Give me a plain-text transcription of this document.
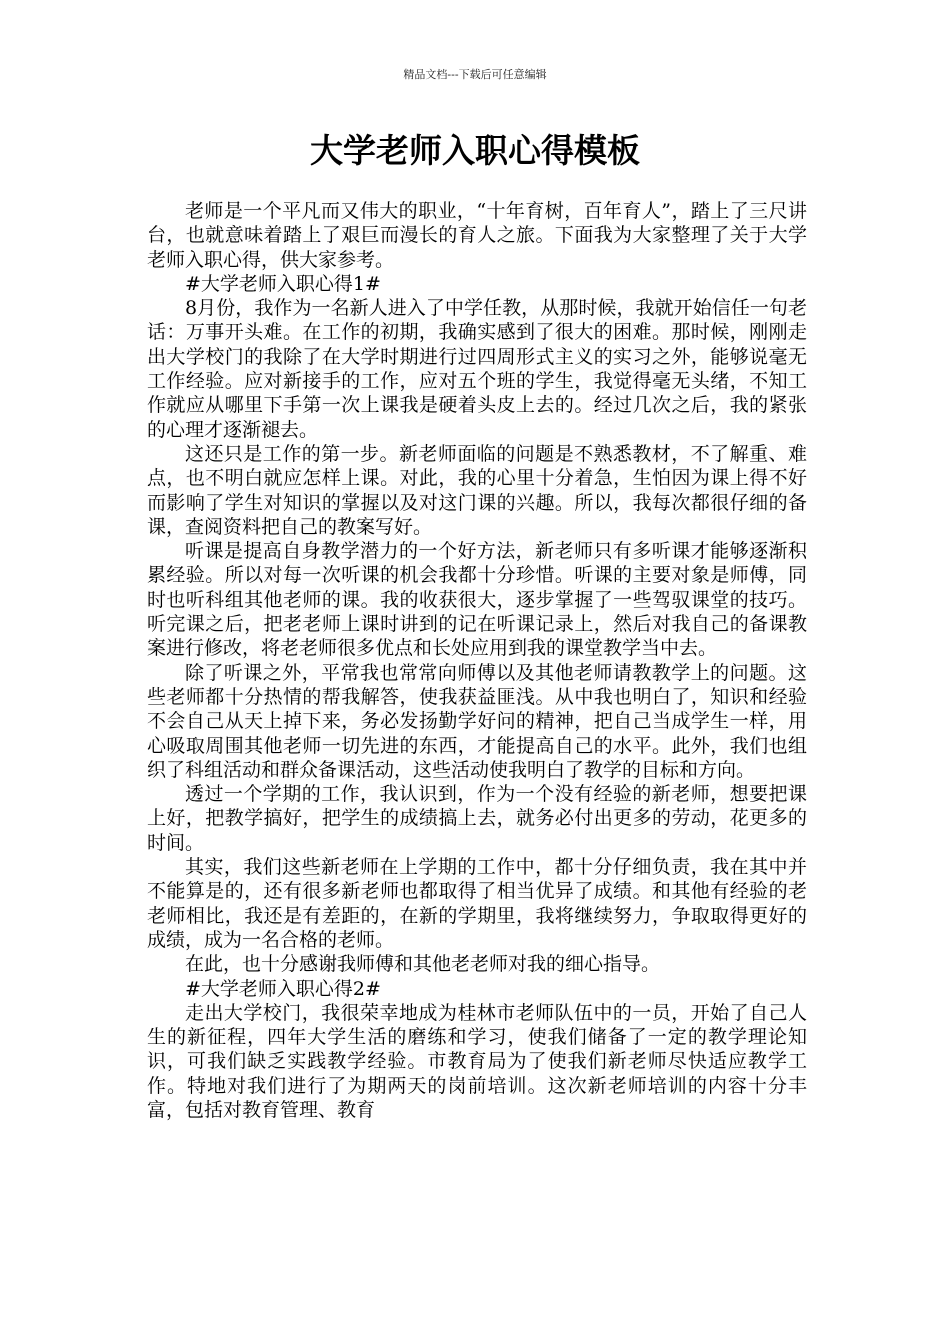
精品文档---下载后可任意编辑
大学老师入职心得模板

老师是一个平凡而又伟大的职业，“十年育树，百年育人”，踏上了三尺讲台，也就意味着踏上了艰巨而漫长的育人之旅。下面我为大家整理了关于大学老师入职心得，供大家参考。

#大学老师入职心得1#

8月份，我作为一名新人进入了中学任教，从那时候，我就开始信任一句老话：万事开头难。在工作的初期，我确实感到了很大的困难。那时候，刚刚走出大学校门的我除了在大学时期进行过四周形式主义的实习之外，能够说毫无工作经验。应对新接手的工作，应对五个班的学生，我觉得毫无头绪，不知工作就应从哪里下手第一次上课我是硬着头皮上去的。经过几次之后，我的紧张的心理才逐渐褪去。

这还只是工作的第一步。新老师面临的问题是不熟悉教材，不了解重、难点，也不明白就应怎样上课。对此，我的心里十分着急，生怕因为课上得不好而影响了学生对知识的掌握以及对这门课的兴趣。所以，我每次都很仔细的备课，查阅资料把自己的教案写好。

听课是提高自身教学潜力的一个好方法，新老师只有多听课才能够逐渐积累经验。所以对每一次听课的机会我都十分珍惜。听课的主要对象是师傅，同时也听科组其他老师的课。我的收获很大，逐步掌握了一些驾驭课堂的技巧。听完课之后，把老老师上课时讲到的记在听课记录上，然后对我自己的备课教案进行修改，将老老师很多优点和长处应用到我的课堂教学当中去。

除了听课之外，平常我也常常向师傅以及其他老师请教教学上的问题。这些老师都十分热情的帮我解答，使我获益匪浅。从中我也明白了，知识和经验不会自己从天上掉下来，务必发扬勤学好问的精神，把自己当成学生一样，用心吸取周围其他老师一切先进的东西，才能提高自己的水平。此外，我们也组织了科组活动和群众备课活动，这些活动使我明白了教学的目标和方向。

透过一个学期的工作，我认识到，作为一个没有经验的新老师，想要把课上好，把教学搞好，把学生的成绩搞上去，就务必付出更多的劳动，花更多的时间。

其实，我们这些新老师在上学期的工作中，都十分仔细负责，我在其中并不能算是的，还有很多新老师也都取得了相当优异了成绩。和其他有经验的老老师相比，我还是有差距的，在新的学期里，我将继续努力，争取取得更好的成绩，成为一名合格的老师。

在此，也十分感谢我师傅和其他老老师对我的细心指导。

#大学老师入职心得2#

走出大学校门，我很荣幸地成为桂林市老师队伍中的一员，开始了自己人生的新征程，四年大学生活的磨练和学习，使我们储备了一定的教学理论知识，可我们缺乏实践教学经验。市教育局为了使我们新老师尽快适应教学工作。特地对我们进行了为期两天的岗前培训。这次新老师培训的内容十分丰富，包括对教育管理、教育
